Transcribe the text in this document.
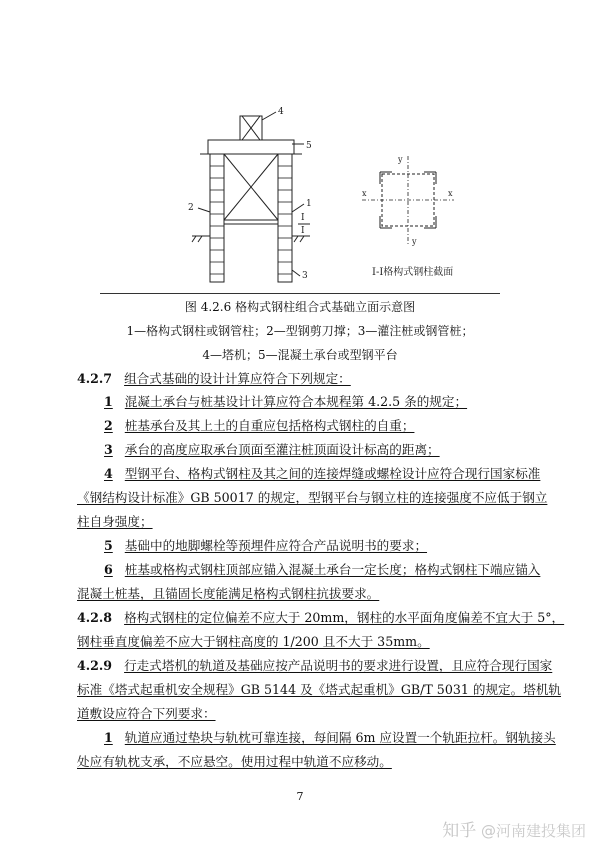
4
5
1
2
3
I
I
y
y
x	x
I-I格构式钢柱截面
图 4.2.6 格构式钢柱组合式基础立面示意图
1—格构式钢柱或钢管柱；2—型钢剪刀撑；3—灌注桩或钢管桩；
4—塔机；5—混凝土承台或型钢平台
4.2.7 组合式基础的设计计算应符合下列规定：
1 混凝土承台与桩基设计计算应符合本规程第 4.2.5 条的规定；
2 桩基承台及其上土的自重应包括格构式钢柱的自重；
3 承台的高度应取承台顶面至灌注桩顶面设计标高的距离；
4 型钢平台、格构式钢柱及其之间的连接焊缝或螺栓设计应符合现行国家标准
《钢结构设计标准》GB 50017 的规定，型钢平台与钢立柱的连接强度不应低于钢立
柱自身强度；
5 基础中的地脚螺栓等预埋件应符合产品说明书的要求；
6 桩基或格构式钢柱顶部应锚入混凝土承台一定长度；格构式钢柱下端应锚入
混凝土桩基，且锚固长度能满足格构式钢柱抗拔要求。
4.2.8 格构式钢柱的定位偏差不应大于 20mm，钢柱的水平面角度偏差不宜大于 5°，
钢柱垂直度偏差不应大于钢柱高度的 1/200 且不大于 35mm。
4.2.9 行走式塔机的轨道及基础应按产品说明书的要求进行设置，且应符合现行国家
标准《塔式起重机安全规程》GB 5144 及《塔式起重机》GB/T 5031 的规定。塔机轨
道敷设应符合下列要求：
1 轨道应通过垫块与轨枕可靠连接，每间隔 6m 应设置一个轨距拉杆。钢轨接头
处应有轨枕支承，不应悬空。使用过程中轨道不应移动。
7
知乎 @河南建投集团
